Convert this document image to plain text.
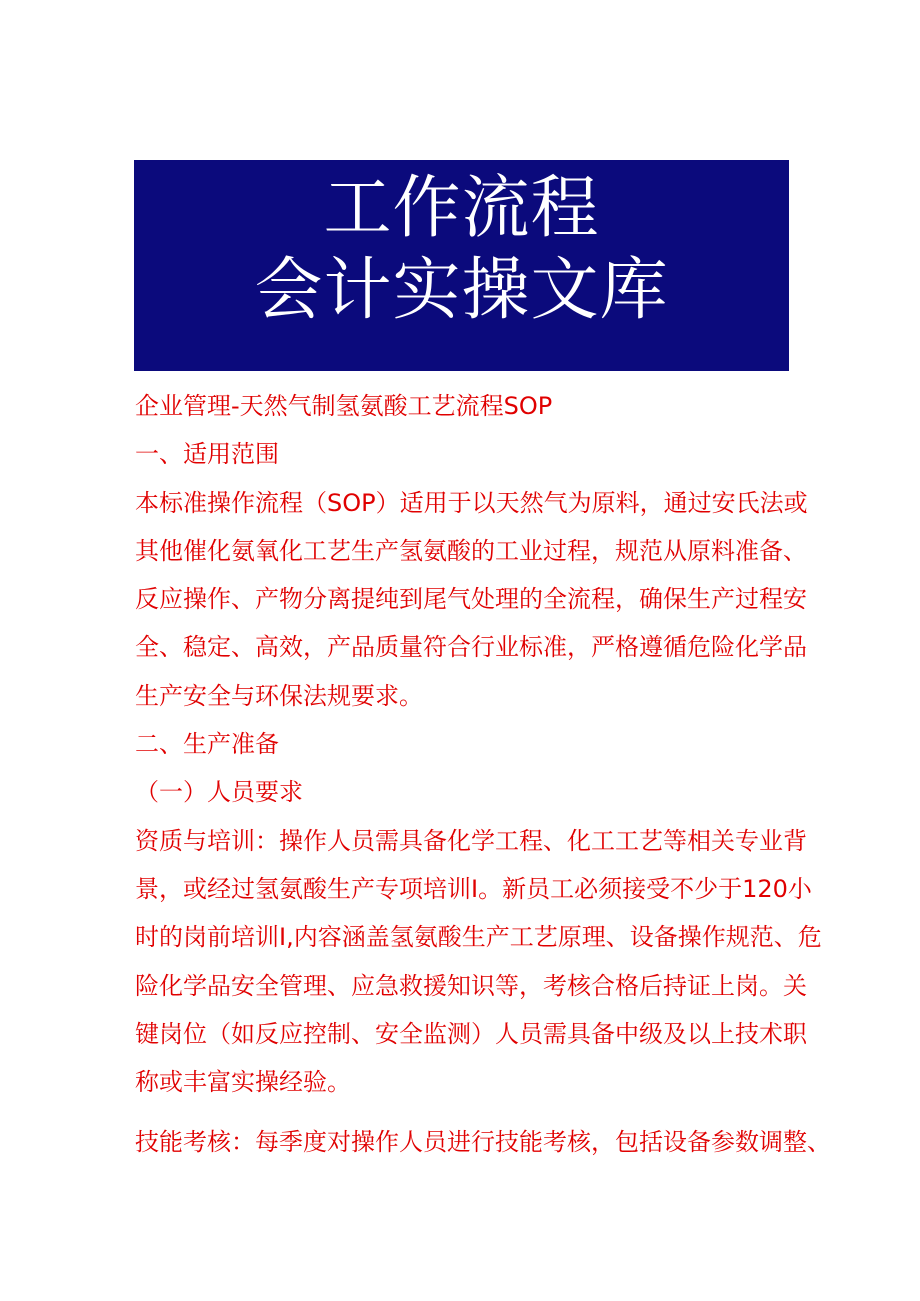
工作流程
会计实操文库
企业管理-天然气制氢氨酸工艺流程SOP
一、适用范围
本标准操作流程（SOP）适用于以天然气为原料，通过安氏法或
其他催化氨氧化工艺生产氢氨酸的工业过程，规范从原料准备、
反应操作、产物分离提纯到尾气处理的全流程，确保生产过程安
全、稳定、高效，产品质量符合行业标准，严格遵循危险化学品
生产安全与环保法规要求。
二、生产准备
（一）人员要求
资质与培训：操作人员需具备化学工程、化工工艺等相关专业背
景，或经过氢氨酸生产专项培训I。新员工必须接受不少于120小
时的岗前培训I,内容涵盖氢氨酸生产工艺原理、设备操作规范、危
险化学品安全管理、应急救援知识等，考核合格后持证上岗。关
键岗位（如反应控制、安全监测）人员需具备中级及以上技术职
称或丰富实操经验。
技能考核：每季度对操作人员进行技能考核，包括设备参数调整、
